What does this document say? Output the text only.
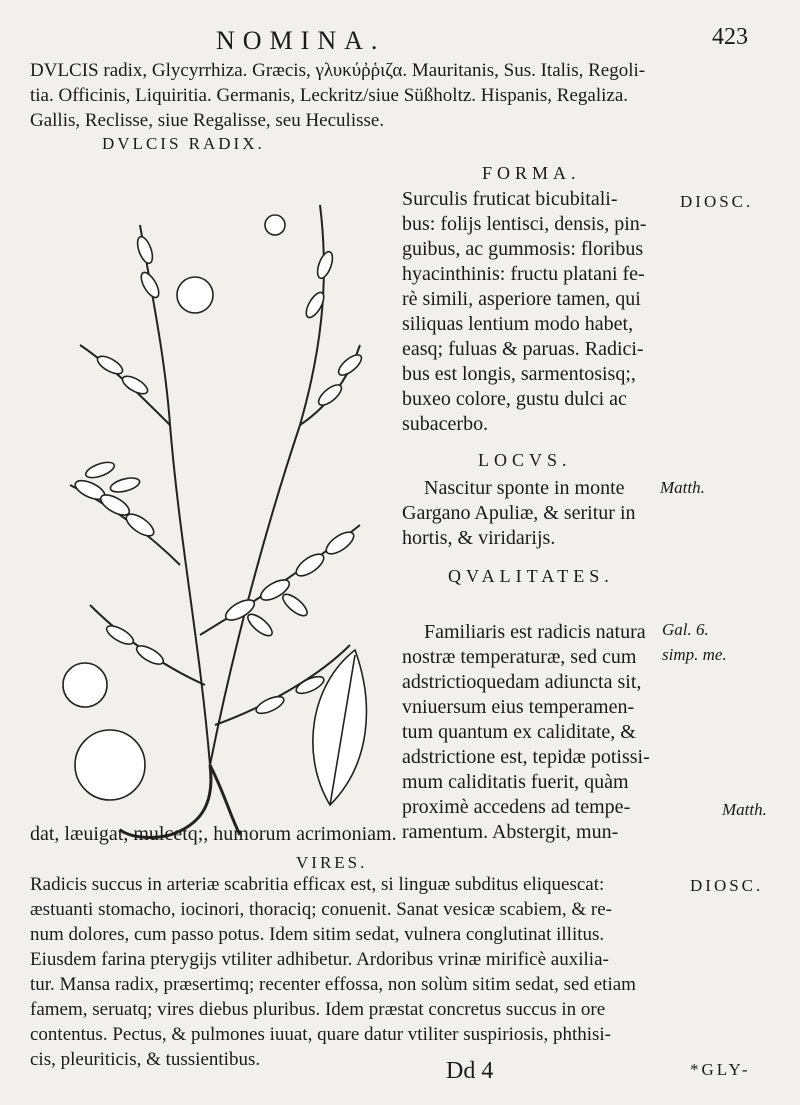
NOMINA.	423
DVLCIS radix, Glycyrrhiza. Græcis, γλυκύῤῥιζα. Mauritanis, Sus. Italis, Regoli-
tia. Officinis, Liquiritia. Germanis, Leckritz/siue Süßholtz. Hispanis, Regaliza.
Gallis, Reclisse, siue Regalisse, seu Heculisse.
DVLCIS RADIX.
FORMA.
Surculis fruticat bicubitali-
bus: folijs lentisci, densis, pin-
guibus, ac gummosis: floribus
hyacinthinis: fructu platani fe-
rè simili, asperiore tamen, qui
siliquas lentium modo habet,
easq; fuluas & paruas. Radici-
bus est longis, sarmentosisq;,
buxeo colore, gustu dulci ac
subacerbo.
DIOSC.
LOCVS.
Nascitur sponte in monte
Gargano Apuliæ, & seritur in
hortis, & viridarijs.
Matth.
QVALITATES.
Familiaris est radicis natura
nostræ temperaturæ, sed cum
adstrictioquedam adiuncta sit,
vniuersum eius temperamen-
tum quantum ex caliditate, &
adstrictione est, tepidæ potissi-
mum caliditatis fuerit, quàm
proximè accedens ad tempe-
ramentum. Abstergit, mun-
Gal. 6.
simp. me.
Matth.
dat, læuigat, mulcetq;, humorum acrimoniam.
VIRES.
Radicis succus in arteriæ scabritia efficax est, si linguæ subditus eliquescat:
æstuanti stomacho, iocinori, thoraciq; conuenit. Sanat vesicæ scabiem, & re-
num dolores, cum passo potus. Idem sitim sedat, vulnera conglutinat illitus.
Eiusdem farina pterygijs vtiliter adhibetur. Ardoribus vrinæ mirificè auxilia-
tur. Mansa radix, præsertimq; recenter effossa, non solùm sitim sedat, sed etiam
famem, seruatq; vires diebus pluribus. Idem præstat concretus succus in ore
contentus. Pectus, & pulmones iuuat, quare datur vtiliter suspiriosis, phthisi-
cis, pleuriticis, & tussientibus.
DIOSC.
Dd 4	*GLY-
